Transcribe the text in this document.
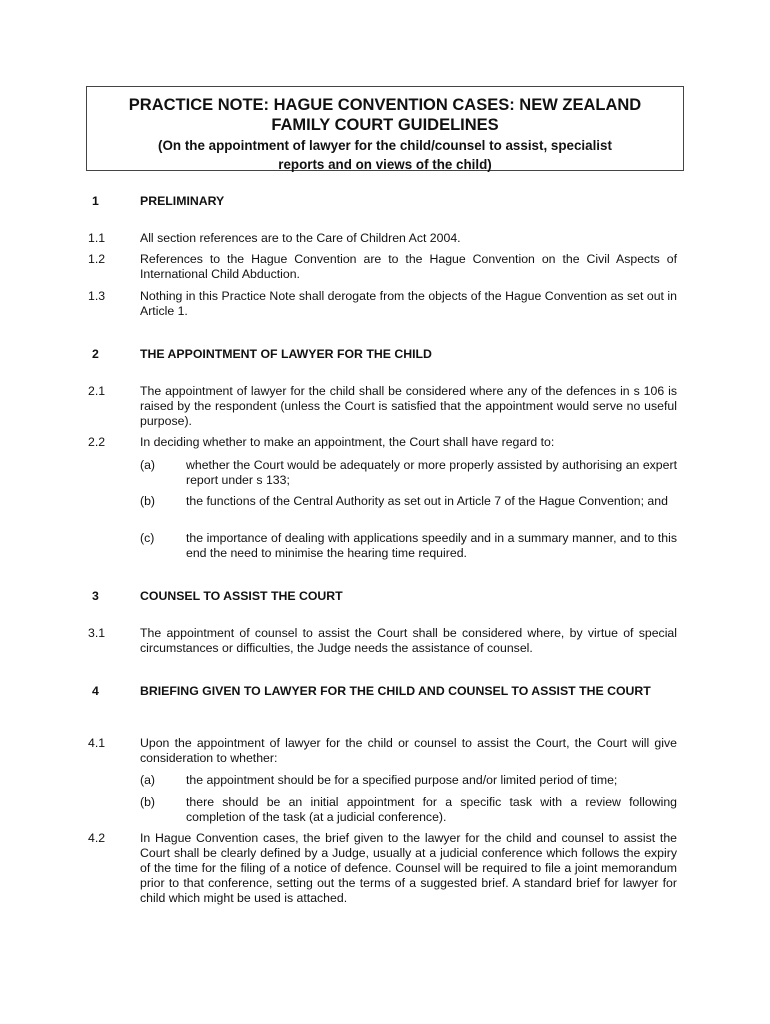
PRACTICE NOTE: HAGUE CONVENTION CASES: NEW ZEALAND
FAMILY COURT GUIDELINES
(On the appointment of lawyer for the child/counsel to assist, specialist
reports and on views of the child)
1	PRELIMINARY
1.1	All section references are to the Care of Children Act 2004.
1.2	References to the Hague Convention are to the Hague Convention on the Civil Aspects of International Child Abduction.
1.3	Nothing in this Practice Note shall derogate from the objects of the Hague Convention as set out in Article 1.
2	THE APPOINTMENT OF LAWYER FOR THE CHILD
2.1	The appointment of lawyer for the child shall be considered where any of the defences in s 106 is raised by the respondent (unless the Court is satisfied that the appointment would serve no useful purpose).
2.2	In deciding whether to make an appointment, the Court shall have regard to:
(a)	whether the Court would be adequately or more properly assisted by authorising an expert report under s 133;
(b)	the functions of the Central Authority as set out in Article 7 of the Hague Convention; and
(c)	the importance of dealing with applications speedily and in a summary manner, and to this end the need to minimise the hearing time required.
3	COUNSEL TO ASSIST THE COURT
3.1	The appointment of counsel to assist the Court shall be considered where, by virtue of special circumstances or difficulties, the Judge needs the assistance of counsel.
4	BRIEFING GIVEN TO LAWYER FOR THE CHILD AND COUNSEL TO ASSIST THE COURT
4.1	Upon the appointment of lawyer for the child or counsel to assist the Court, the Court will give consideration to whether:
(a)	the appointment should be for a specified purpose and/or limited period of time;
(b)	there should be an initial appointment for a specific task with a review following completion of the task (at a judicial conference).
4.2	In Hague Convention cases, the brief given to the lawyer for the child and counsel to assist the Court shall be clearly defined by a Judge, usually at a judicial conference which follows the expiry of the time for the filing of a notice of defence. Counsel will be required to file a joint memorandum prior to that conference, setting out the terms of a suggested brief. A standard brief for lawyer for child which might be used is attached.
